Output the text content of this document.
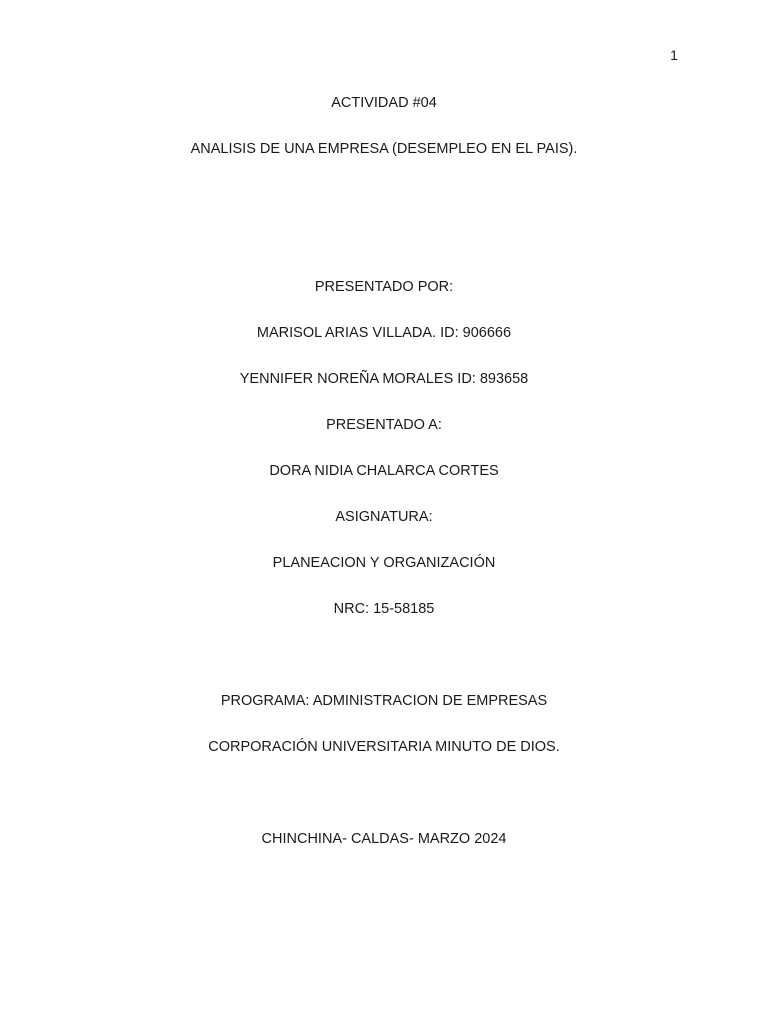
1
ACTIVIDAD #04
ANALISIS DE UNA EMPRESA (DESEMPLEO EN EL PAIS).
PRESENTADO POR:
MARISOL ARIAS VILLADA. ID: 906666
YENNIFER NOREÑA MORALES ID: 893658
PRESENTADO A:
DORA NIDIA CHALARCA CORTES
ASIGNATURA:
PLANEACION Y ORGANIZACIÓN
NRC: 15-58185
PROGRAMA: ADMINISTRACION DE EMPRESAS
CORPORACIÓN UNIVERSITARIA MINUTO DE DIOS.
CHINCHINA- CALDAS- MARZO 2024
